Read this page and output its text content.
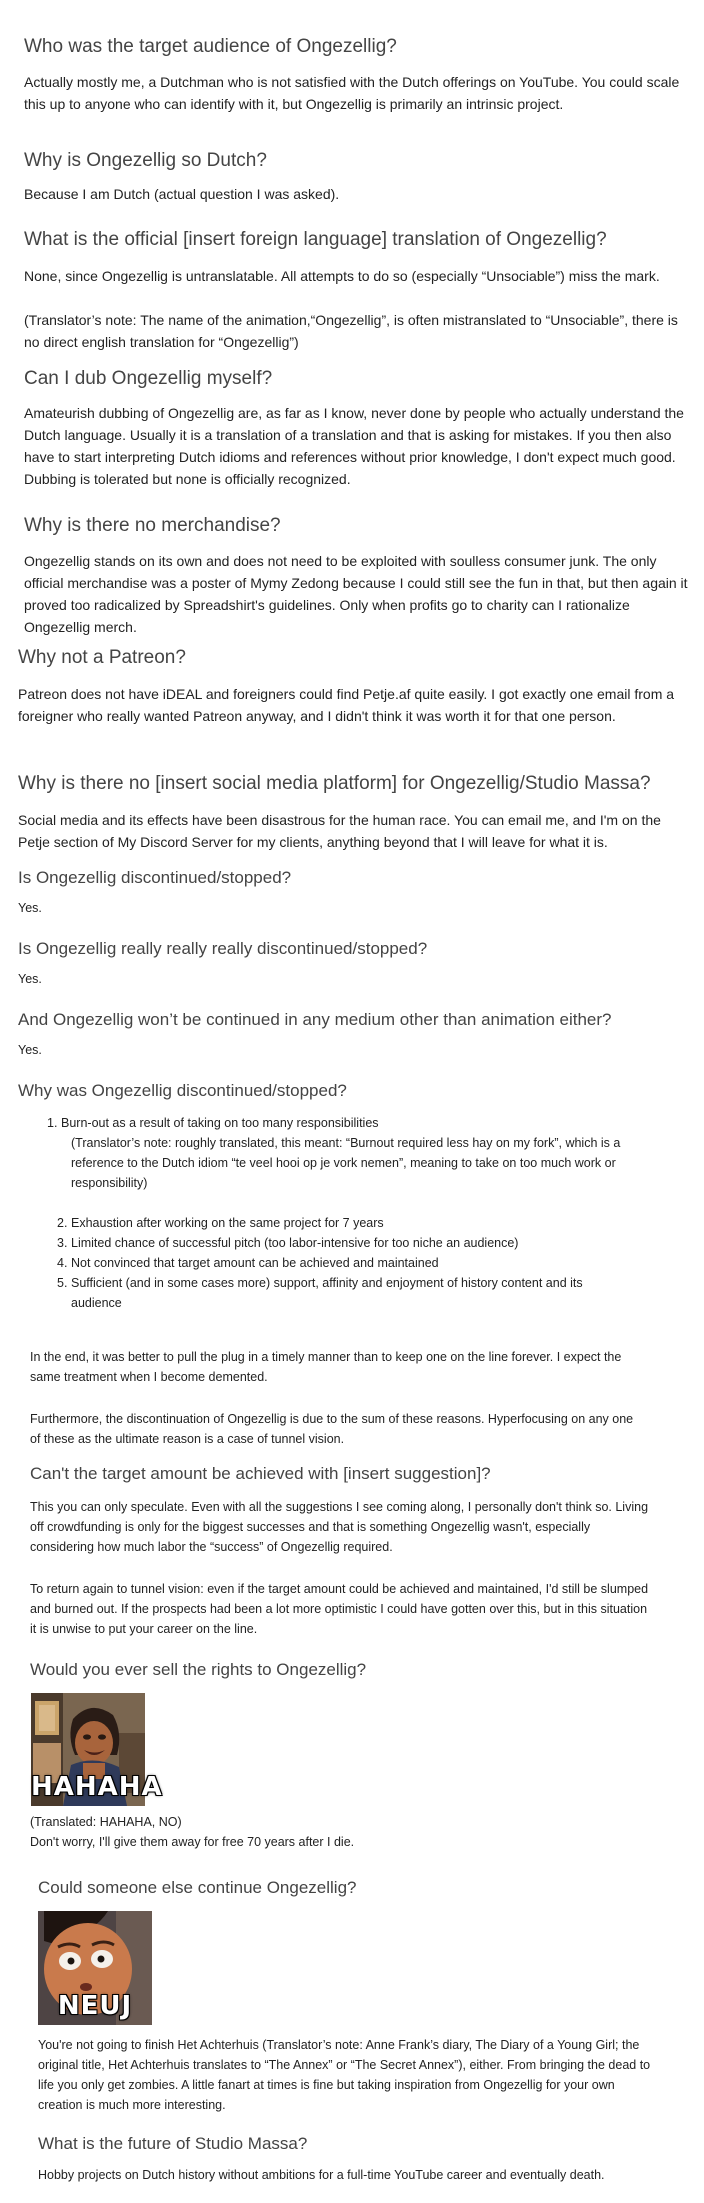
Who was the target audience of Ongezellig?

Actually mostly me, a Dutchman who is not satisfied with the Dutch offerings on YouTube. You could scale this up to anyone who can identify with it, but Ongezellig is primarily an intrinsic project.

Why is Ongezellig so Dutch?

Because I am Dutch (actual question I was asked).

What is the official [insert foreign language] translation of Ongezellig?

None, since Ongezellig is untranslatable. All attempts to do so (especially “Unsociable”) miss the mark.

(Translator’s note: The name of the animation,“Ongezellig”, is often mistranslated to “Unsociable”, there is no direct english translation for “Ongezellig”)

Can I dub Ongezellig myself?

Amateurish dubbing of Ongezellig are, as far as I know, never done by people who actually understand the Dutch language. Usually it is a translation of a translation and that is asking for mistakes. If you then also have to start interpreting Dutch idioms and references without prior knowledge, I don't expect much good. Dubbing is tolerated but none is officially recognized.

Why is there no merchandise?

Ongezellig stands on its own and does not need to be exploited with soulless consumer junk. The only official merchandise was a poster of Mymy Zedong because I could still see the fun in that, but then again it proved too radicalized by Spreadshirt's guidelines. Only when profits go to charity can I rationalize Ongezellig merch.

Why not a Patreon?

Patreon does not have iDEAL and foreigners could find Petje.af quite easily. I got exactly one email from a foreigner who really wanted Patreon anyway, and I didn't think it was worth it for that one person.

Why is there no [insert social media platform] for Ongezellig/Studio Massa?

Social media and its effects have been disastrous for the human race. You can email me, and I'm on the Petje section of My Discord Server for my clients, anything beyond that I will leave for what it is.

Is Ongezellig discontinued/stopped?

Yes.

Is Ongezellig really really really discontinued/stopped?

Yes.

And Ongezellig won’t be continued in any medium other than animation either?

Yes.

Why was Ongezellig discontinued/stopped?
1. Burn-out as a result of taking on too many responsibilities
(Translator’s note: roughly translated, this meant: “Burnout required less hay on my fork”, which is a reference to the Dutch idiom “te veel hooi op je vork nemen”, meaning to take on too much work or responsibility)
2. Exhaustion after working on the same project for 7 years
3. Limited chance of successful pitch (too labor-intensive for too niche an audience)
4. Not convinced that target amount can be achieved and maintained
5. Sufficient (and in some cases more) support, affinity and enjoyment of history content and its audience

In the end, it was better to pull the plug in a timely manner than to keep one on the line forever. I expect the same treatment when I become demented.

Furthermore, the discontinuation of Ongezellig is due to the sum of these reasons. Hyperfocusing on any one of these as the ultimate reason is a case of tunnel vision.

Can't the target amount be achieved with [insert suggestion]?

This you can only speculate. Even with all the suggestions I see coming along, I personally don't think so. Living off crowdfunding is only for the biggest successes and that is something Ongezellig wasn't, especially considering how much labor the “success” of Ongezellig required.

To return again to tunnel vision: even if the target amount could be achieved and maintained, I'd still be slumped and burned out. If the prospects had been a lot more optimistic I could have gotten over this, but in this situation it is unwise to put your career on the line.

Would you ever sell the rights to Ongezellig?
HAHAHA

(Translated: HAHAHA, NO)

Don't worry, I'll give them away for free 70 years after I die.

Could someone else continue Ongezellig?
NEUJ

You're not going to finish Het Achterhuis (Translator’s note: Anne Frank’s diary, The Diary of a Young Girl; the original title, Het Achterhuis translates to “The Annex” or “The Secret Annex”), either. From bringing the dead to life you only get zombies. A little fanart at times is fine but taking inspiration from Ongezellig for your own creation is much more interesting.

What is the future of Studio Massa?

Hobby projects on Dutch history without ambitions for a full-time YouTube career and eventually death.
